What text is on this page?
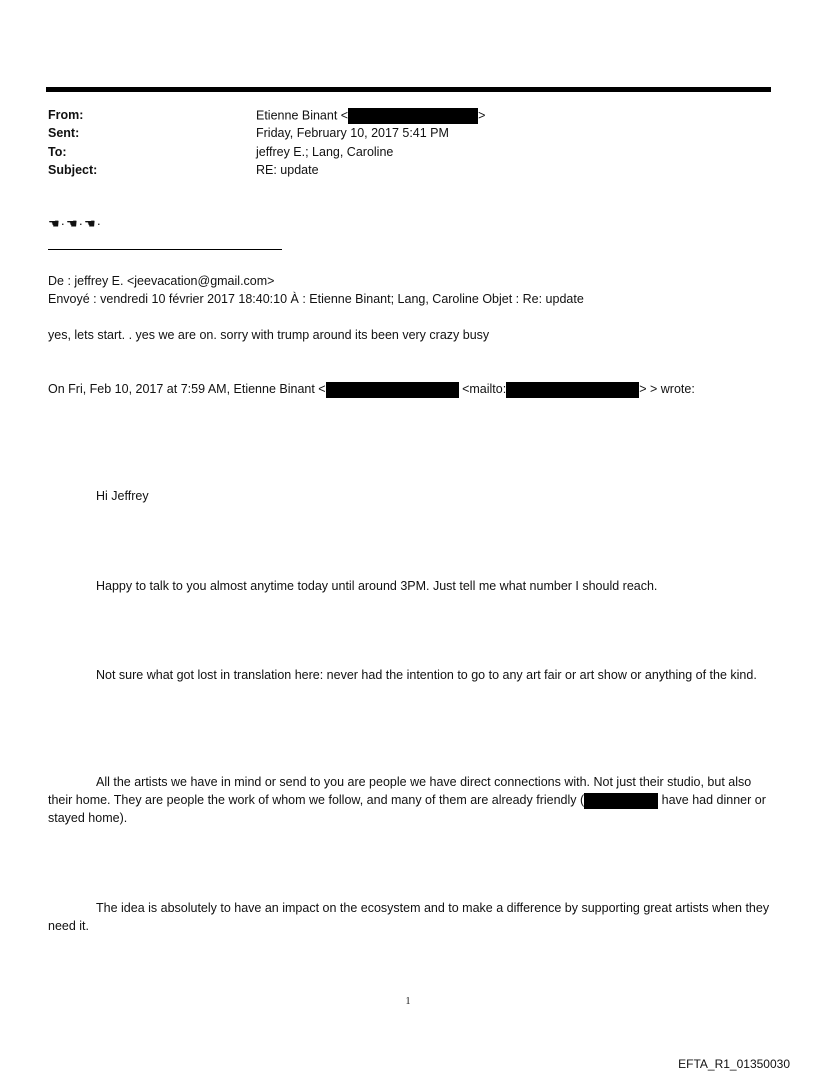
From:	Etienne Binant <	>
Sent:	Friday, February 10, 2017 5:41 PM
To:	jeffrey E.; Lang, Caroline
Subject:	RE: update
☚·☚·☚·
De : jeffrey E. <jeevacation@gmail.com>
Envoyé : vendredi 10 février 2017 18:40:10 À : Etienne Binant; Lang, Caroline Objet : Re: update
yes, lets start. . yes we are on. sorry with trump around its been very crazy busy
On Fri, Feb 10, 2017 at 7:59 AM, Etienne Binant <	<mailto:	> > wrote:
Hi Jeffrey
Happy to talk to you almost anytime today until around 3PM. Just tell me what number I should reach.
Not sure what got lost in translation here: never had the intention to go to any art fair or art show or anything of the kind.
All the artists we have in mind or send to you are people we have direct connections with. Not just their studio, but also their home. They are people the work of whom we follow, and many of them are already friendly (	have had dinner or stayed home).
The idea is absolutely to have an impact on the ecosystem and to make a difference by supporting great artists when they need it.
1
EFTA_R1_01350030
